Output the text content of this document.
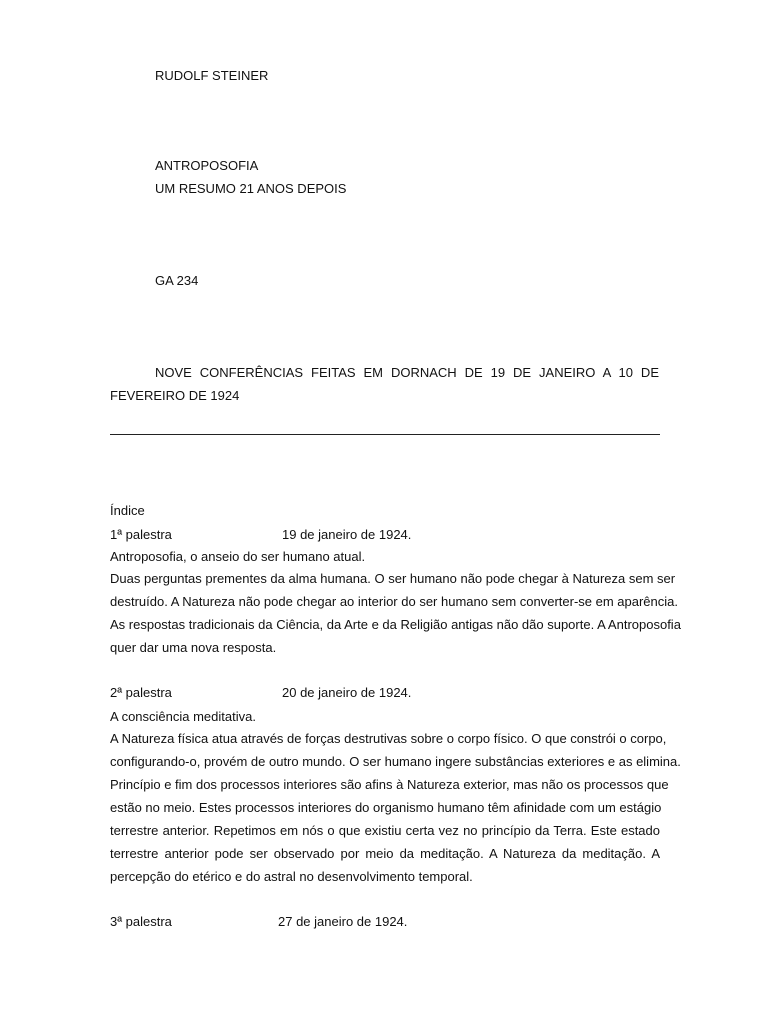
RUDOLF STEINER
ANTROPOSOFIA
UM RESUMO 21 ANOS DEPOIS
GA 234
NOVE CONFERÊNCIAS FEITAS EM DORNACH DE 19 DE JANEIRO A 10 DE
FEVEREIRO DE 1924
Índice
1ª palestra	19 de janeiro de 1924.
Antroposofia, o anseio do ser humano atual.
Duas perguntas prementes da alma humana. O ser humano não pode chegar à Natureza sem ser
destruído. A Natureza não pode chegar ao interior do ser humano sem converter-se em aparência.
As respostas tradicionais da Ciência, da Arte e da Religião antigas não dão suporte. A Antroposofia
quer dar uma nova resposta.
2ª palestra	20 de janeiro de 1924.
A consciência meditativa.
A Natureza física atua através de forças destrutivas sobre o corpo físico. O que constrói o corpo,
configurando-o, provém de outro mundo. O ser humano ingere substâncias exteriores e as elimina.
Princípio e fim dos processos interiores são afins à Natureza exterior, mas não os processos que
estão no meio. Estes processos interiores do organismo humano têm afinidade com um estágio
terrestre anterior. Repetimos em nós o que existiu certa vez no princípio da Terra. Este estado
terrestre anterior pode ser observado por meio da meditação. A Natureza da meditação. A
percepção do etérico e do astral no desenvolvimento temporal.
3ª palestra	27 de janeiro de 1924.
